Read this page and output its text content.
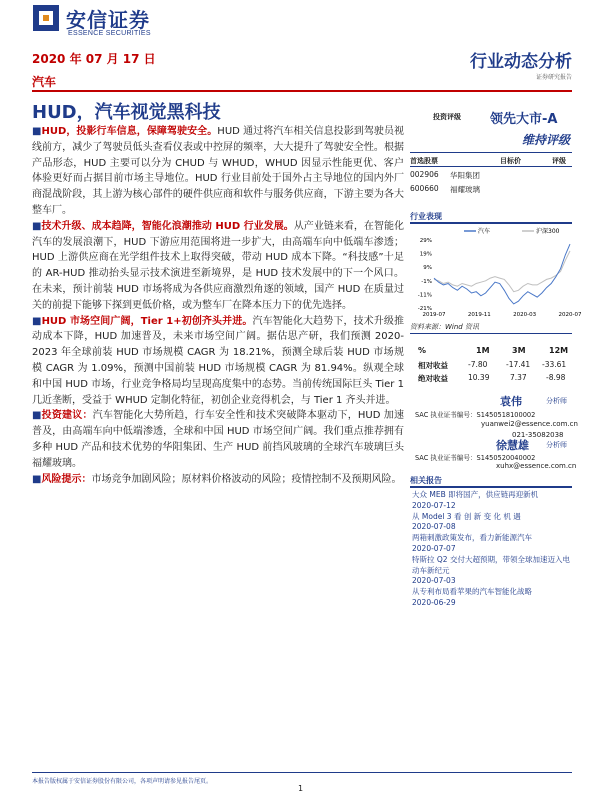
安信证券
ESSENCE SECURITIES
2020 年 07 月 17 日	行业动态分析
证券研究报告
汽车
HUD，汽车视觉黑科技

■HUD，投影行车信息，保障驾驶安全。HUD 通过将汽车相关信息投影到驾驶员视线前方，减少了驾驶员低头查看仪表或中控屏的频率，大大提升了驾驶安全性。根据产品形态，HUD 主要可以分为 CHUD 与 WHUD，WHUD 因显示性能更优、客户体验更好而占据目前市场主导地位。HUD 行业目前处于国外占主导地位的国内外厂商混战阶段，其上游为核心部件的硬件供应商和软件与服务供应商，下游主要为各大整车厂。

■技术升级、成本趋降，智能化浪潮推动 HUD 行业发展。从产业链来看，在智能化汽车的发展浪潮下，HUD 下游应用范围将进一步扩大，由高端车向中低端车渗透；HUD 上游供应商在光学组件技术上取得突破，带动 HUD 成本下降。“科技感”十足的 AR-HUD 推动抬头显示技术演进至新境界，是 HUD 技术发展中的下一个风口。在未来，预计前装 HUD 市场将成为各供应商激烈角逐的领域，国产 HUD 在质量过关的前提下能够下探到更低价格，或为整车厂在降本压力下的优先选择。

■HUD 市场空间广阔，Tier 1+初创齐头并进。汽车智能化大趋势下，技术升级推动成本下降，HUD 加速普及，未来市场空间广阔。据估思产研，我们预测 2020-2023 年全球前装 HUD 市场规模 CAGR 为 18.21%，预测全球后装 HUD 市场规模 CAGR 为 1.09%，预测中国前装 HUD 市场规模 CAGR 为 81.94%。纵观全球和中国 HUD 市场，行业竞争格局均呈现高度集中的态势。当前传统国际巨头 Tier 1 几近垄断，受益于 WHUD 定制化特征，初创企业竞得机会，与 Tier 1 齐头并进。

■投资建议：汽车智能化大势所趋，行车安全性和技术突破降本驱动下，HUD 加速普及，由高端车向中低端渗透，全球和中国 HUD 市场空间广阔。我们重点推荐拥有多种 HUD 产品和技术优势的华阳集团、生产 HUD 前挡风玻璃的全球汽车玻璃巨头福耀玻璃。

■风险提示：市场竞争加剧风险；原材料价格波动的风险；疫情控制不及预期风险。

投资评级 领先大市-A
维持评级
首选股票	目标价	评级
002906 华阳集团
600660 福耀玻璃
行业表现
29%
19%
9%
-1%
-11%
-21%
2019-07	2019-11	2020-03	2020-07
汽车	沪深300
资料来源：Wind 资讯
%	1M	3M	12M
相对收益	-7.80 -17.41 -33.61
绝对收益	10.39	7.37	-8.98
袁伟	分析师
SAC 执业证书编号：S1450518100002
yuanwei2@essence.com.cn
021-35082038
徐慧雄 分析师
SAC 执业证书编号：S1450520040002
xuhx@essence.com.cn
相关报告
大众 MEB 即将国产，供应链再迎新机
2020-07-12
从 Model 3 看 创 新 变 化 机 遇
2020-07-08
两箱刺激政策发布，看力新能源汽车
2020-07-07
特斯拉 Q2 交付大超预期，带领全球加速迈入电动车新纪元
2020-07-03
从专利布局看苹果的汽车智能化战略
2020-06-29
本报告版权属于安信证券股份有限公司，各项声明请参见报告尾页。
1
